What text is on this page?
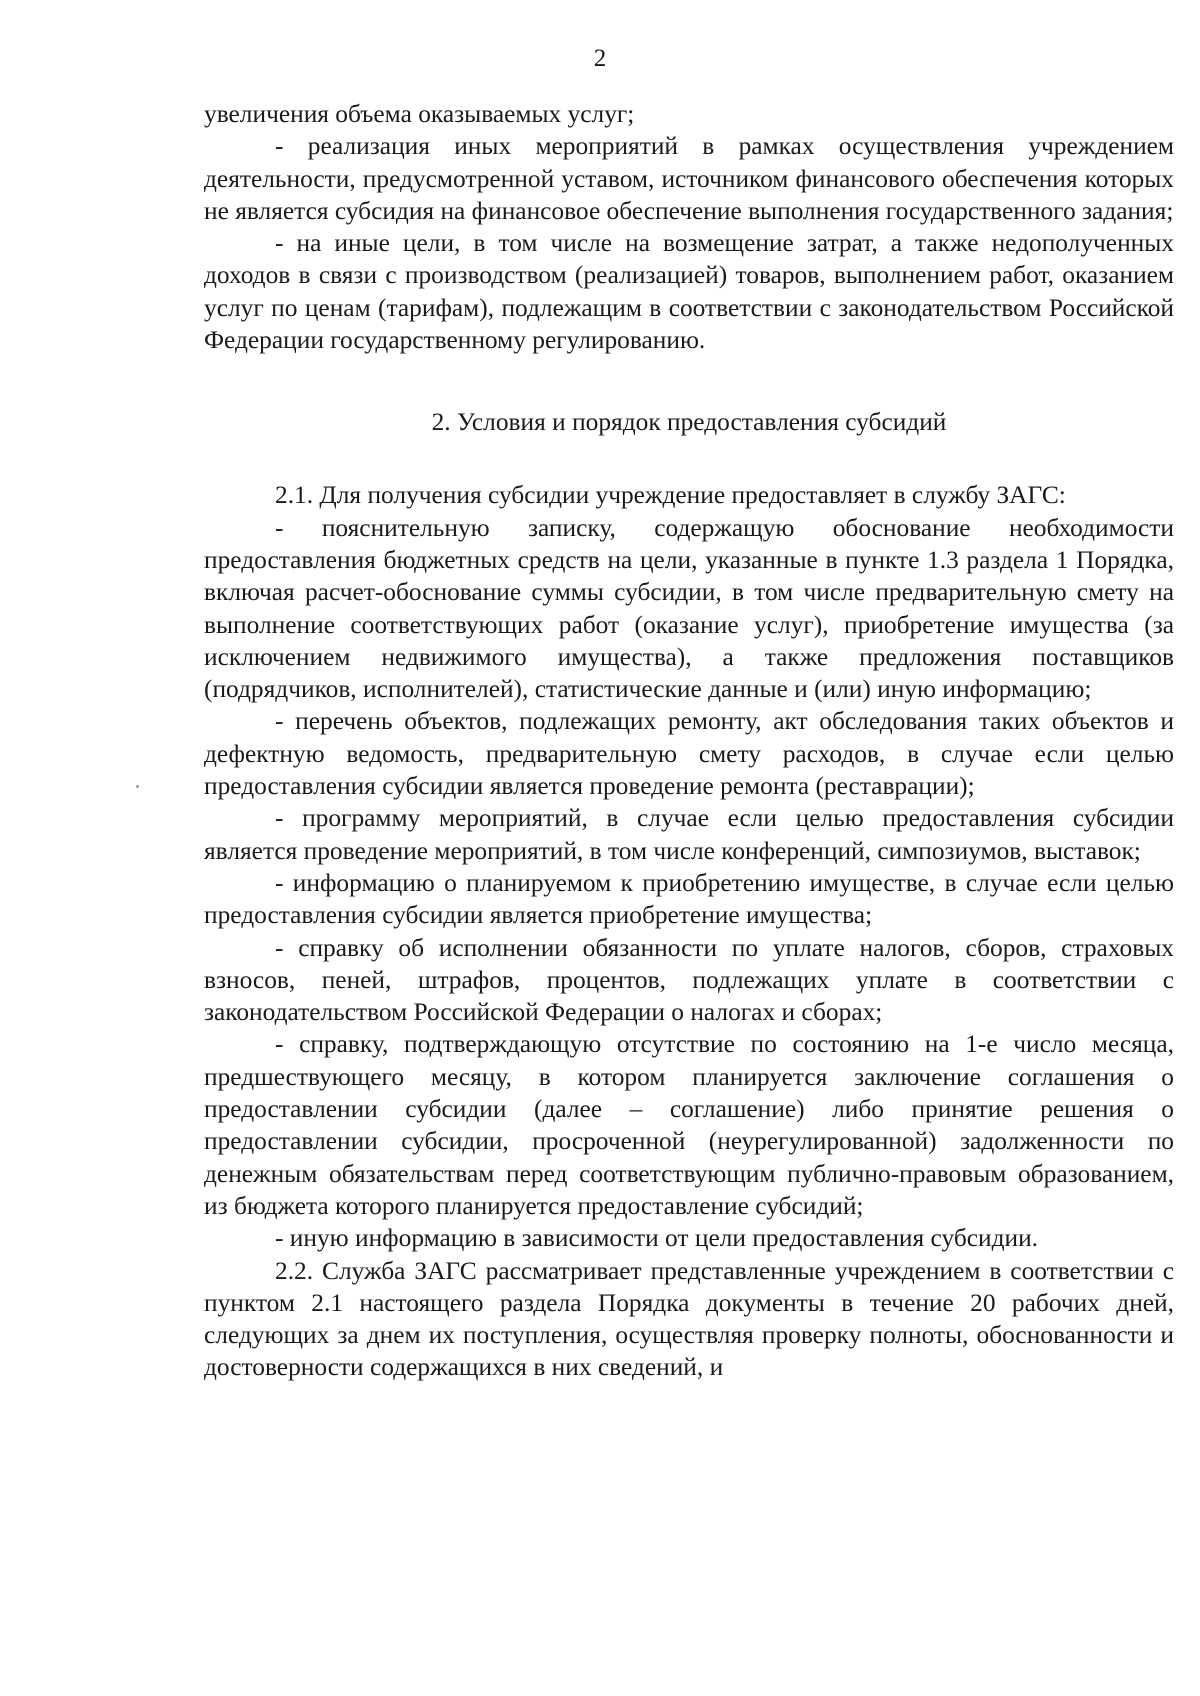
2

увеличения объема оказываемых услуг;

- реализация иных мероприятий в рамках осуществления учреждением деятельности, предусмотренной уставом, источником финансового обеспечения которых не является субсидия на финансовое обеспечение выполнения государственного задания;

- на иные цели, в том числе на возмещение затрат, а также недополученных доходов в связи с производством (реализацией) товаров, выполнением работ, оказанием услуг по ценам (тарифам), подлежащим в соответствии с законодательством Российской Федерации государственному регулированию.

2. Условия и порядок предоставления субсидий

2.1. Для получения субсидии учреждение предоставляет в службу ЗАГС:

- пояснительную записку, содержащую обоснование необходимости предоставления бюджетных средств на цели, указанные в пункте 1.3 раздела 1 Порядка, включая расчет-обоснование суммы субсидии, в том числе предварительную смету на выполнение соответствующих работ (оказание услуг), приобретение имущества (за исключением недвижимого имущества), а также предложения поставщиков (подрядчиков, исполнителей), статистические данные и (или) иную информацию;

- перечень объектов, подлежащих ремонту, акт обследования таких объектов и дефектную ведомость, предварительную смету расходов, в случае если целью предоставления субсидии является проведение ремонта (реставрации);

- программу мероприятий, в случае если целью предоставления субсидии является проведение мероприятий, в том числе конференций, симпозиумов, выставок;

- информацию о планируемом к приобретению имуществе, в случае если целью предоставления субсидии является приобретение имущества;

- справку об исполнении обязанности по уплате налогов, сборов, страховых взносов, пеней, штрафов, процентов, подлежащих уплате в соответствии с законодательством Российской Федерации о налогах и сборах;

- справку, подтверждающую отсутствие по состоянию на 1-е число месяца, предшествующего месяцу, в котором планируется заключение соглашения о предоставлении субсидии (далее – соглашение) либо принятие решения о предоставлении субсидии, просроченной (неурегулированной) задолженности по денежным обязательствам перед соответствующим публично-правовым образованием, из бюджета которого планируется предоставление субсидий;

- иную информацию в зависимости от цели предоставления субсидии.

2.2. Служба ЗАГС рассматривает представленные учреждением в соответствии с пунктом 2.1 настоящего раздела Порядка документы в течение 20 рабочих дней, следующих за днем их поступления, осуществляя проверку полноты, обоснованности и достоверности содержащихся в них сведений, и
